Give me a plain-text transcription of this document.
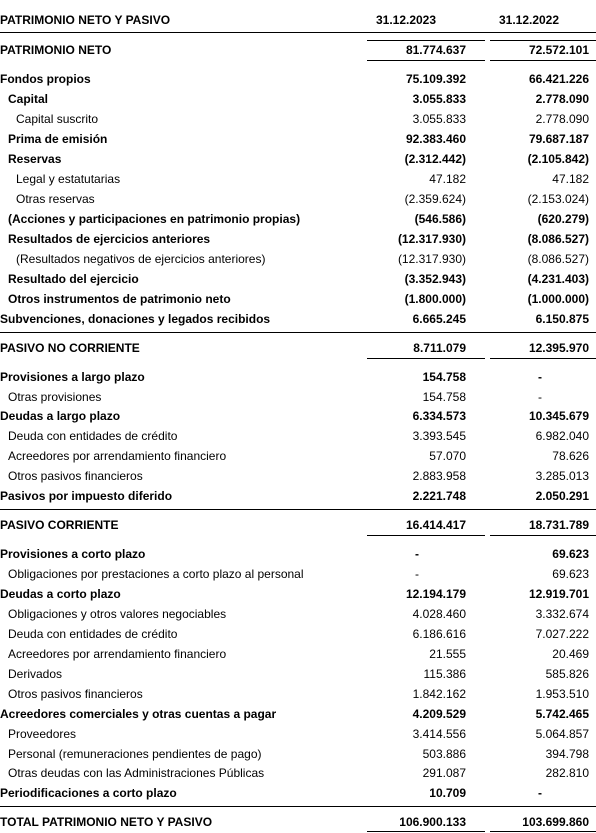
PATRIMONIO NETO Y PASIVO	31.12.2023	31.12.2022
PATRIMONIO NETO	81.774.637	72.572.101
Fondos propios	75.109.392	66.421.226
Capital	3.055.833	2.778.090
Capital suscrito	3.055.833	2.778.090
Prima de emisión	92.383.460	79.687.187
Reservas	(2.312.442)	(2.105.842)
Legal y estatutarias	47.182	47.182
Otras reservas	(2.359.624)	(2.153.024)
(Acciones y participaciones en patrimonio propias)	(546.586)	(620.279)
Resultados de ejercicios anteriores	(12.317.930)	(8.086.527)
(Resultados negativos de ejercicios anteriores)	(12.317.930)	(8.086.527)
Resultado del ejercicio	(3.352.943)	(4.231.403)
Otros instrumentos de patrimonio neto	(1.800.000)	(1.000.000)
Subvenciones, donaciones y legados recibidos	6.665.245	6.150.875
PASIVO NO CORRIENTE	8.711.079	12.395.970
Provisiones a largo plazo	154.758	-
Otras provisiones	154.758	-
Deudas a largo plazo	6.334.573	10.345.679
Deuda con entidades de crédito	3.393.545	6.982.040
Acreedores por arrendamiento financiero	57.070	78.626
Otros pasivos financieros	2.883.958	3.285.013
Pasivos por impuesto diferido	2.221.748	2.050.291
PASIVO CORRIENTE	16.414.417	18.731.789
Provisiones a corto plazo	-	69.623
Obligaciones por prestaciones a corto plazo al personal	-	69.623
Deudas a corto plazo	12.194.179	12.919.701
Obligaciones y otros valores negociables	4.028.460	3.332.674
Deuda con entidades de crédito	6.186.616	7.027.222
Acreedores por arrendamiento financiero	21.555	20.469
Derivados	115.386	585.826
Otros pasivos financieros	1.842.162	1.953.510
Acreedores comerciales y otras cuentas a pagar	4.209.529	5.742.465
Proveedores	3.414.556	5.064.857
Personal (remuneraciones pendientes de pago)	503.886	394.798
Otras deudas con las Administraciones Públicas	291.087	282.810
Periodificaciones a corto plazo	10.709	-
TOTAL PATRIMONIO NETO Y PASIVO	106.900.133	103.699.860
